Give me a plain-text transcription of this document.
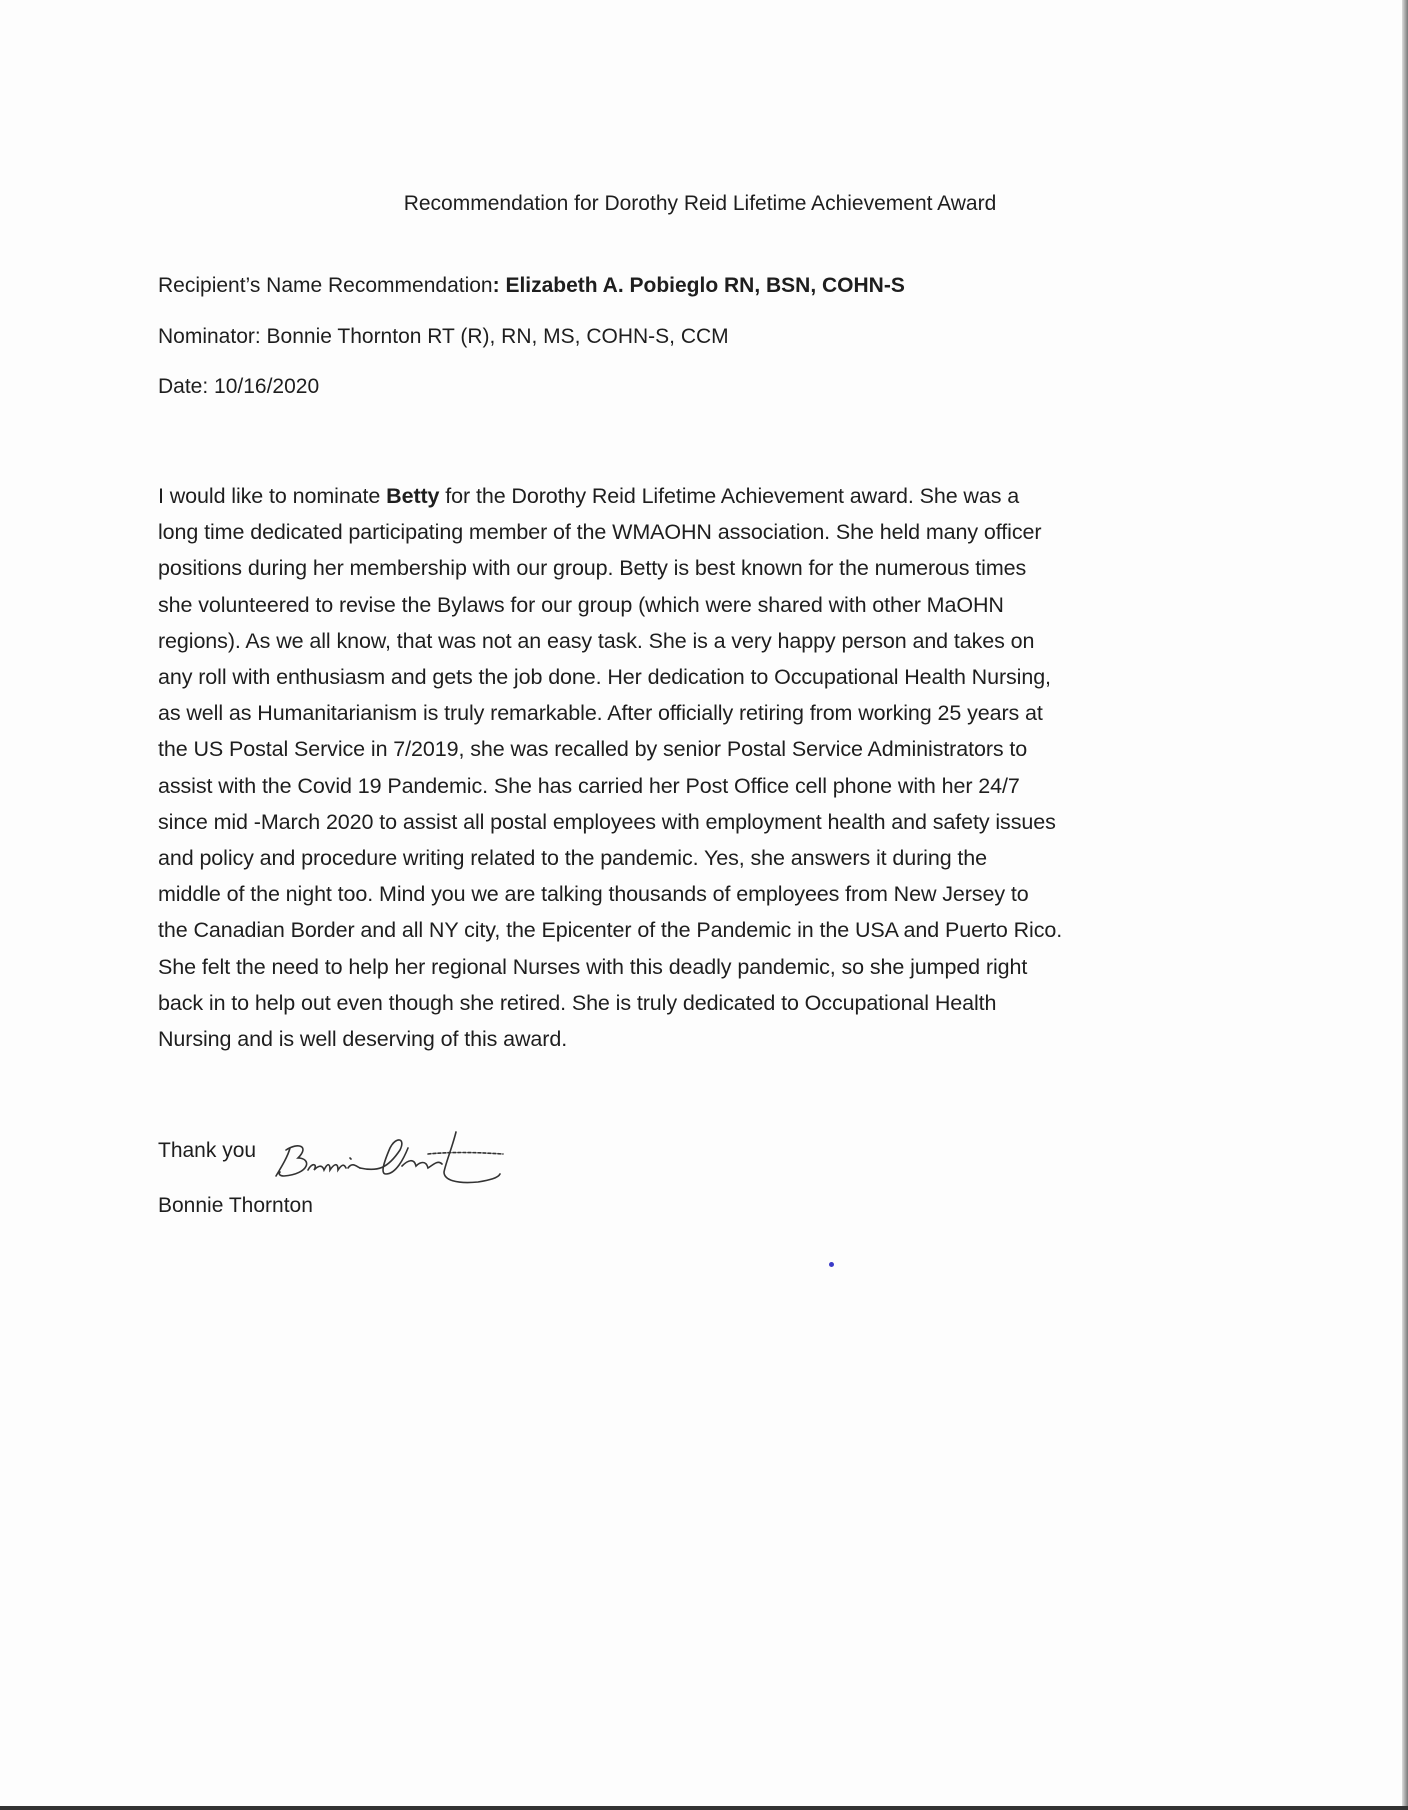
Recommendation for Dorothy Reid Lifetime Achievement Award
Recipient’s Name Recommendation: Elizabeth A. Pobieglo RN, BSN, COHN-S
Nominator: Bonnie Thornton RT (R), RN, MS, COHN-S, CCM
Date: 10/16/2020
I would like to nominate Betty for the Dorothy Reid Lifetime Achievement award. She was a
long time dedicated participating member of the WMAOHN association. She held many officer
positions during her membership with our group. Betty is best known for the numerous times
she volunteered to revise the Bylaws for our group (which were shared with other MaOHN
regions). As we all know, that was not an easy task. She is a very happy person and takes on
any roll with enthusiasm and gets the job done. Her dedication to Occupational Health Nursing,
as well as Humanitarianism is truly remarkable. After officially retiring from working 25 years at
the US Postal Service in 7/2019, she was recalled by senior Postal Service Administrators to
assist with the Covid 19 Pandemic. She has carried her Post Office cell phone with her 24/7
since mid -March 2020 to assist all postal employees with employment health and safety issues
and policy and procedure writing related to the pandemic. Yes, she answers it during the
middle of the night too. Mind you we are talking thousands of employees from New Jersey to
the Canadian Border and all NY city, the Epicenter of the Pandemic in the USA and Puerto Rico.
She felt the need to help her regional Nurses with this deadly pandemic, so she jumped right
back in to help out even though she retired. She is truly dedicated to Occupational Health
Nursing and is well deserving of this award.
Thank you
Bonnie Thornton
